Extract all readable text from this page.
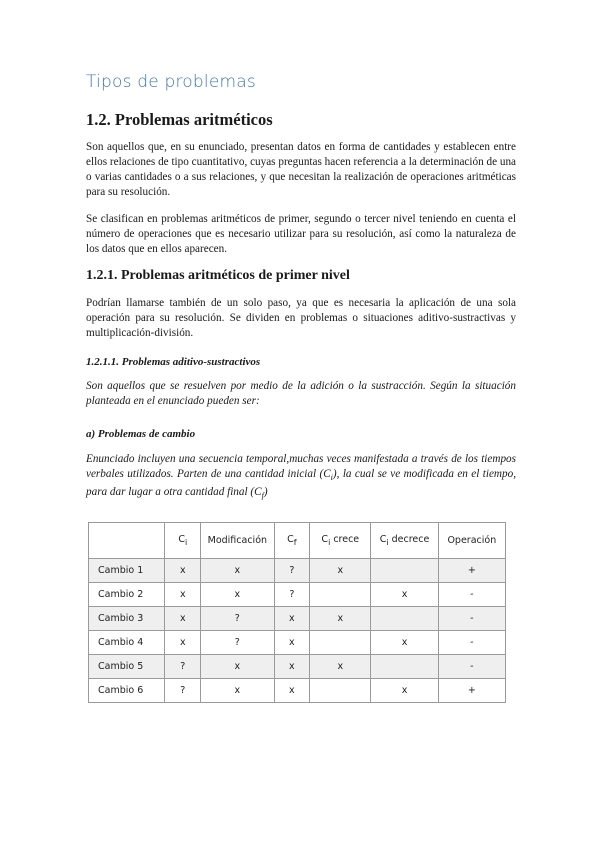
Tipos de problemas
1.2. Problemas aritméticos

Son aquellos que, en su enunciado, presentan datos en forma de cantidades y establecen entre ellos relaciones de tipo cuantitativo, cuyas preguntas hacen referencia a la determinación de una o varias cantidades o a sus relaciones, y que necesitan la realización de operaciones aritméticas para su resolución.

Se clasifican en problemas aritméticos de primer, segundo o tercer nivel teniendo en cuenta el número de operaciones que es necesario utilizar para su resolución, así como la naturaleza de los datos que en ellos aparecen.

1.2.1. Problemas aritméticos de primer nivel

Podrían llamarse también de un solo paso, ya que es necesaria la aplicación de una sola operación para su resolución. Se dividen en problemas o situaciones aditivo-sustractivas y multiplicación-división.

1.2.1.1. Problemas aditivo-sustractivos

Son aquellos que se resuelven por medio de la adición o la sustracción. Según la situación planteada en el enunciado pueden ser:

a) Problemas de cambio

Enunciado incluyen una secuencia temporal,muchas veces manifestada a través de los tiempos verbales utilizados. Parten de una cantidad inicial $(C_i)$, la cual se ve modificada en el tiempo, para dar lugar a otra cantidad final $(C_f)$

	$C_i$	Modificación	$C_f$	$C_i$ crece	$C_i$ decrece	Operación
Cambio 1	x	x	?	x		+
Cambio 2	x	x	?		x	-
Cambio 3	x	?	x	x		-
Cambio 4	x	?	x		x	-
Cambio 5	?	x	x	x		-
Cambio 6	?	x	x		x	+
